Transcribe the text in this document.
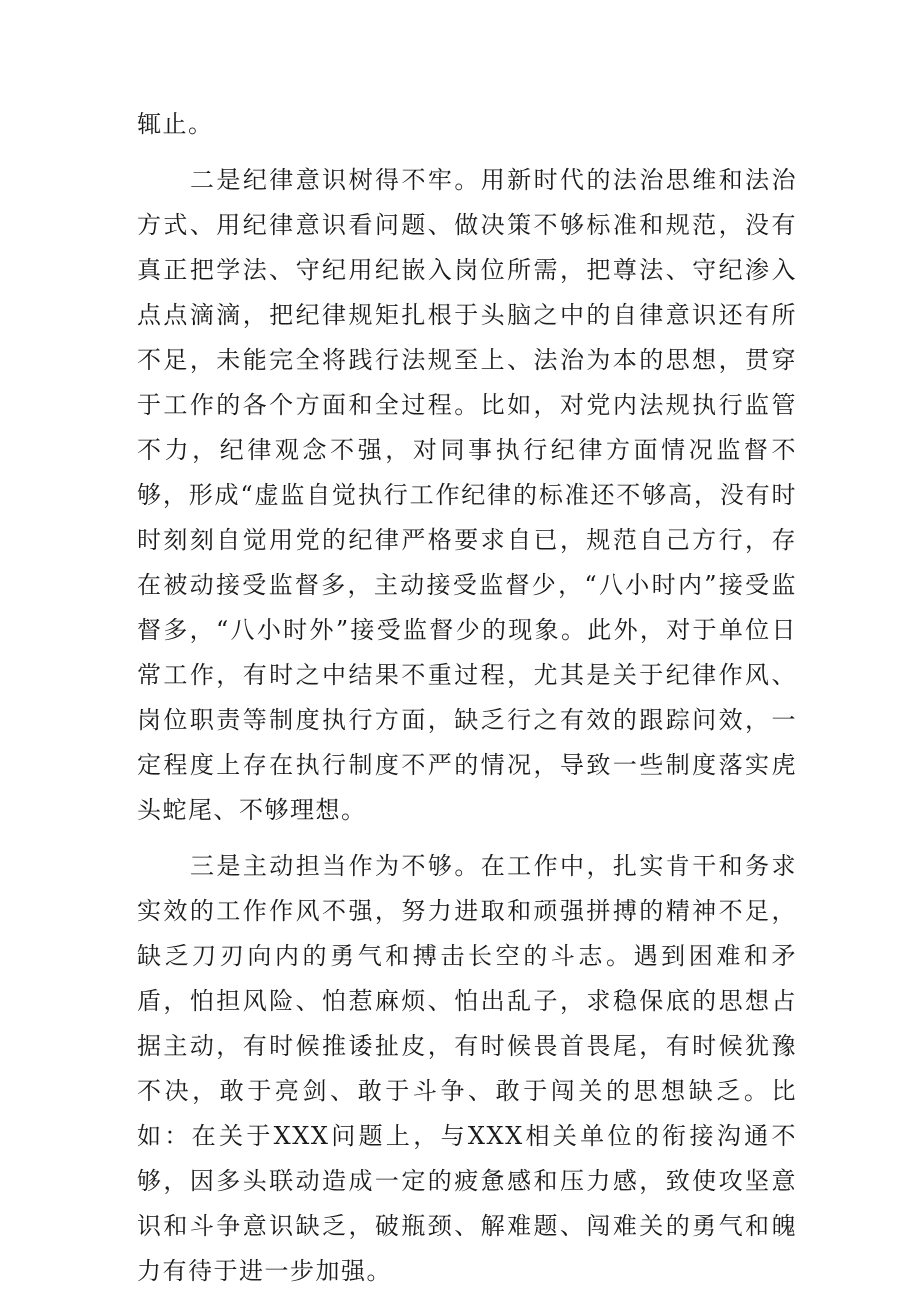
辄止。

二是纪律意识树得不牢。用新时代的法治思维和法治方式、用纪律意识看问题、做决策不够标准和规范，没有真正把学法、守纪用纪嵌入岗位所需，把尊法、守纪渗入点点滴滴，把纪律规矩扎根于头脑之中的自律意识还有所不足，未能完全将践行法规至上、法治为本的思想，贯穿于工作的各个方面和全过程。比如，对党内法规执行监管不力，纪律观念不强，对同事执行纪律方面情况监督不够，形成“虚监自觉执行工作纪律的标准还不够高，没有时时刻刻自觉用党的纪律严格要求自已，规范自己方行，存在被动接受监督多，主动接受监督少，“八小时内”接受监督多，“八小时外”接受监督少的现象。此外，对于单位日常工作，有时之中结果不重过程，尤其是关于纪律作风、岗位职责等制度执行方面，缺乏行之有效的跟踪问效，一定程度上存在执行制度不严的情况，导致一些制度落实虎头蛇尾、不够理想。

三是主动担当作为不够。在工作中，扎实肯干和务求实效的工作作风不强，努力进取和顽强拼搏的精神不足，缺乏刀刃向内的勇气和搏击长空的斗志。遇到困难和矛盾，怕担风险、怕惹麻烦、怕出乱子，求稳保底的思想占据主动，有时候推诿扯皮，有时候畏首畏尾，有时候犹豫不决，敢于亮剑、敢于斗争、敢于闯关的思想缺乏。比如：在关于XXX问题上，与XXX相关单位的衔接沟通不够，因多头联动造成一定的疲惫感和压力感，致使攻坚意识和斗争意识缺乏，破瓶颈、解难题、闯难关的勇气和魄力有待于进一步加强。
